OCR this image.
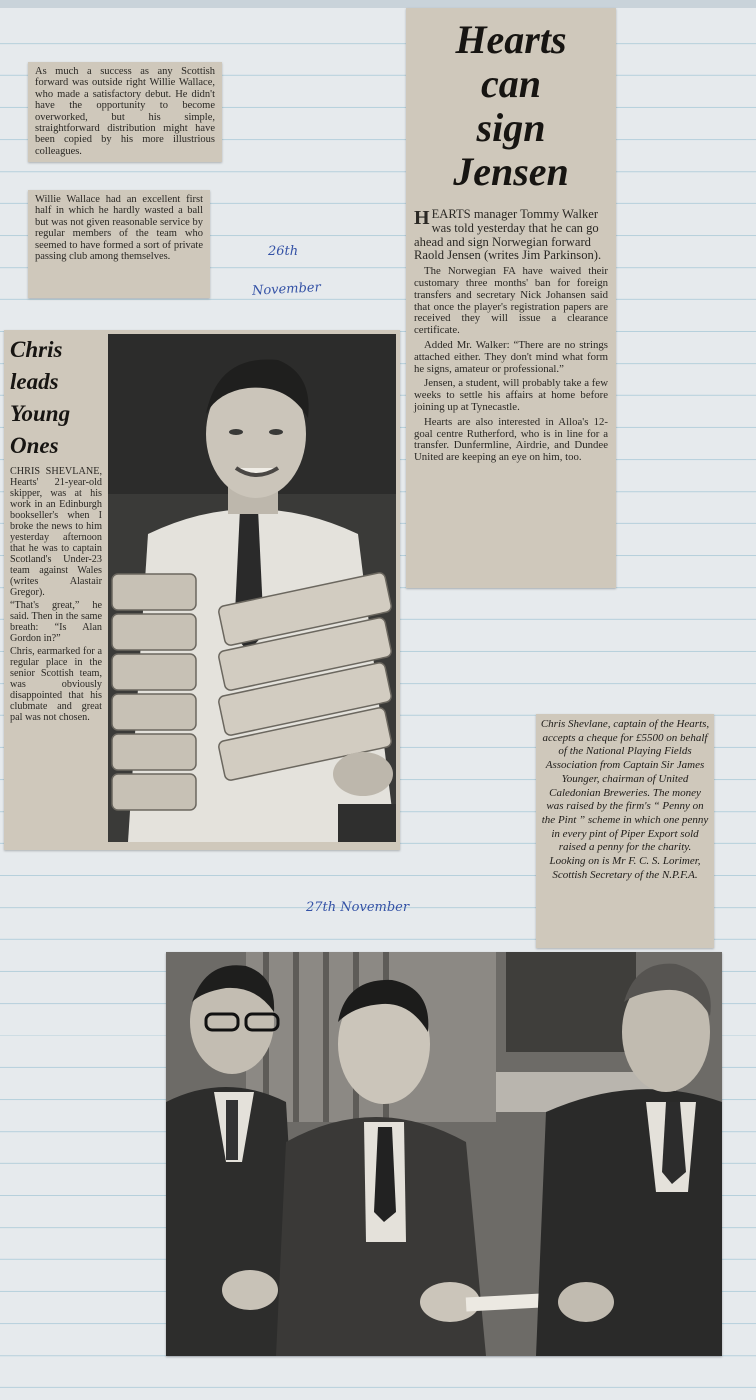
As much a success as any Scottish forward was outside right Willie Wallace, who made a satisfactory debut. He didn't have the opportunity to become overworked, but his simple, straightforward distribution might have been copied by his more illustrious colleagues.

Willie Wallace had an excellent first half in which he hardly wasted a ball but was not given reasonable service by regular members of the team who seemed to have formed a sort of private passing club among themselves.	26th
November

Hearts

can

sign

Jensen

HEARTS manager Tommy Walker was told yesterday that he can go ahead and sign Norwegian forward Raold Jensen (writes Jim Parkinson).

The Norwegian FA have waived their customary three months' ban for foreign transfers and secretary Nick Johansen said that once the player's registration papers are received they will issue a clearance certificate.

Added Mr. Walker: “There are no strings attached either. They don't mind what form he signs, amateur or professional.”

Jensen, a student, will probably take a few weeks to settle his affairs at home before joining up at Tynecastle.

Hearts are also interested in Alloa's 12-goal centre Rutherford, who is in line for a transfer. Dunfermline, Airdrie, and Dundee United are keeping an eye on him, too.

Chris
leads
Young
Ones

CHRIS SHEVLANE, Hearts' 21-year-old skipper, was at his work in an Edinburgh bookseller's when I broke the news to him yesterday afternoon that he was to captain Scotland's Under-23 team against Wales (writes Alastair Gregor).

“That's great,” he said. Then in the same breath: “Is Alan Gordon in?”

Chris, earmarked for a regular place in the senior Scottish team, was obviously disappointed that his clubmate and great pal was not chosen.

Chris Shevlane, captain of the Hearts, accepts a cheque for £5500 on behalf of the National Playing Fields Association from Captain Sir James Younger, chairman of United Caledonian Breweries. The money was raised by the firm's “ Penny on the Pint ” scheme in which one penny in every pint of Piper Export sold raised a penny for the charity. Looking on is Mr F. C. S. Lorimer, Scottish Secretary of the N.P.F.A.

27th November
